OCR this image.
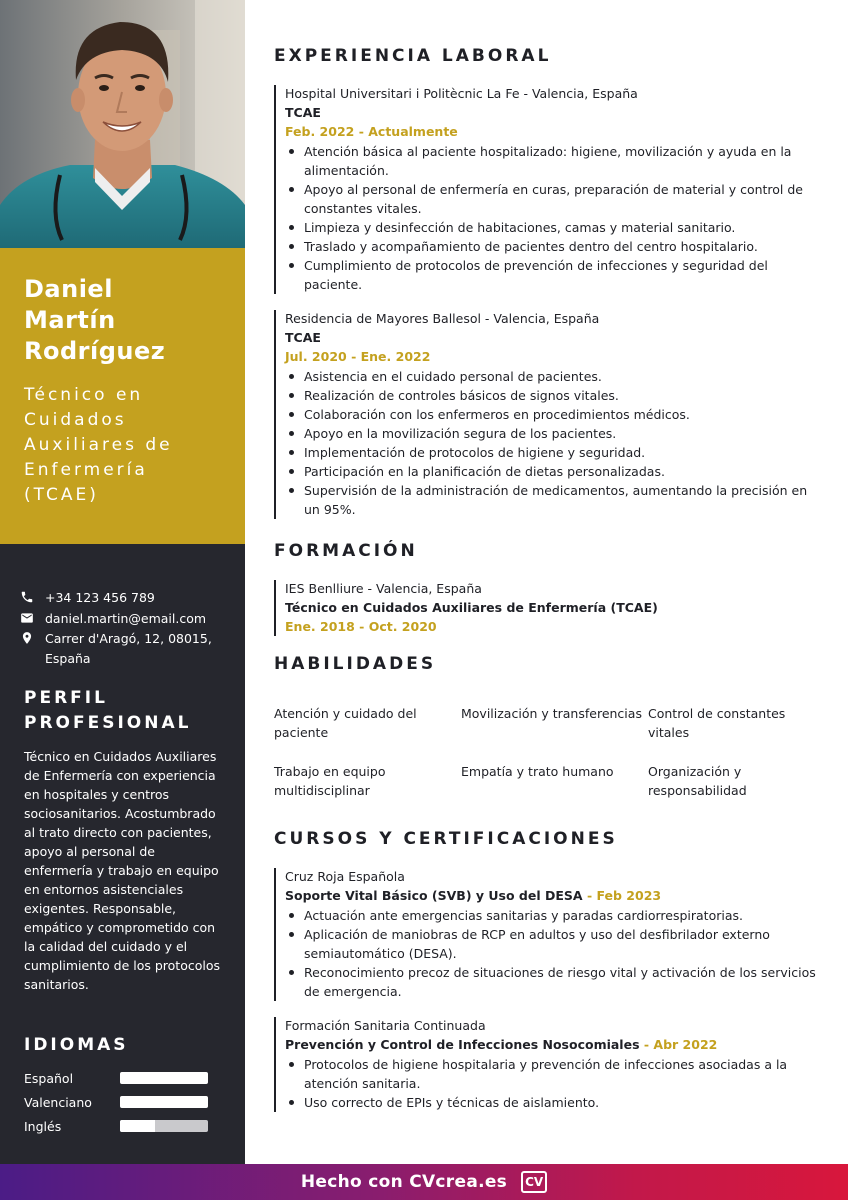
Daniel
Martín
Rodríguez
Técnico en
Cuidados
Auxiliares de
Enfermería
(TCAE)
+34 123 456 789
daniel.martin@email.com
Carrer d'Aragó, 12, 08015,
España
PERFIL
PROFESIONAL
Técnico en Cuidados Auxiliares de Enfermería con experiencia en hospitales y centros sociosanitarios. Acostumbrado al trato directo con pacientes, apoyo al personal de enfermería y trabajo en equipo en entornos asistenciales exigentes. Responsable, empático y comprometido con la calidad del cuidado y el cumplimiento de los protocolos sanitarios.
IDIOMAS
Español
Valenciano
Inglés
EXPERIENCIA LABORAL
Hospital Universitari i Politècnic La Fe - Valencia, España
TCAE
Feb. 2022 - Actualmente
Atención básica al paciente hospitalizado: higiene, movilización y ayuda en la alimentación.
Apoyo al personal de enfermería en curas, preparación de material y control de constantes vitales.
Limpieza y desinfección de habitaciones, camas y material sanitario.
Traslado y acompañamiento de pacientes dentro del centro hospitalario.
Cumplimiento de protocolos de prevención de infecciones y seguridad del paciente.
Residencia de Mayores Ballesol - Valencia, España
TCAE
Jul. 2020 - Ene. 2022
Asistencia en el cuidado personal de pacientes.
Realización de controles básicos de signos vitales.
Colaboración con los enfermeros en procedimientos médicos.
Apoyo en la movilización segura de los pacientes.
Implementación de protocolos de higiene y seguridad.
Participación en la planificación de dietas personalizadas.
Supervisión de la administración de medicamentos, aumentando la precisión en un 95%.
FORMACIÓN
IES Benlliure - Valencia, España
Técnico en Cuidados Auxiliares de Enfermería (TCAE)
Ene. 2018 - Oct. 2020
HABILIDADES
Atención y cuidado del paciente
Movilización y transferencias Control de constantes vitales
Trabajo en equipo multidisciplinar
Empatía y trato humano	Organización y responsabilidad
CURSOS Y CERTIFICACIONES
Cruz Roja Española
Soporte Vital Básico (SVB) y Uso del DESA - Feb 2023
Actuación ante emergencias sanitarias y paradas cardiorrespiratorias.
Aplicación de maniobras de RCP en adultos y uso del desfibrilador externo semiautomático (DESA).
Reconocimiento precoz de situaciones de riesgo vital y activación de los servicios de emergencia.
Formación Sanitaria Continuada
Prevención y Control de Infecciones Nosocomiales - Abr 2022
Protocolos de higiene hospitalaria y prevención de infecciones asociadas a la atención sanitaria.
Uso correcto de EPIs y técnicas de aislamiento.
Hecho con CVcrea.es	CV
